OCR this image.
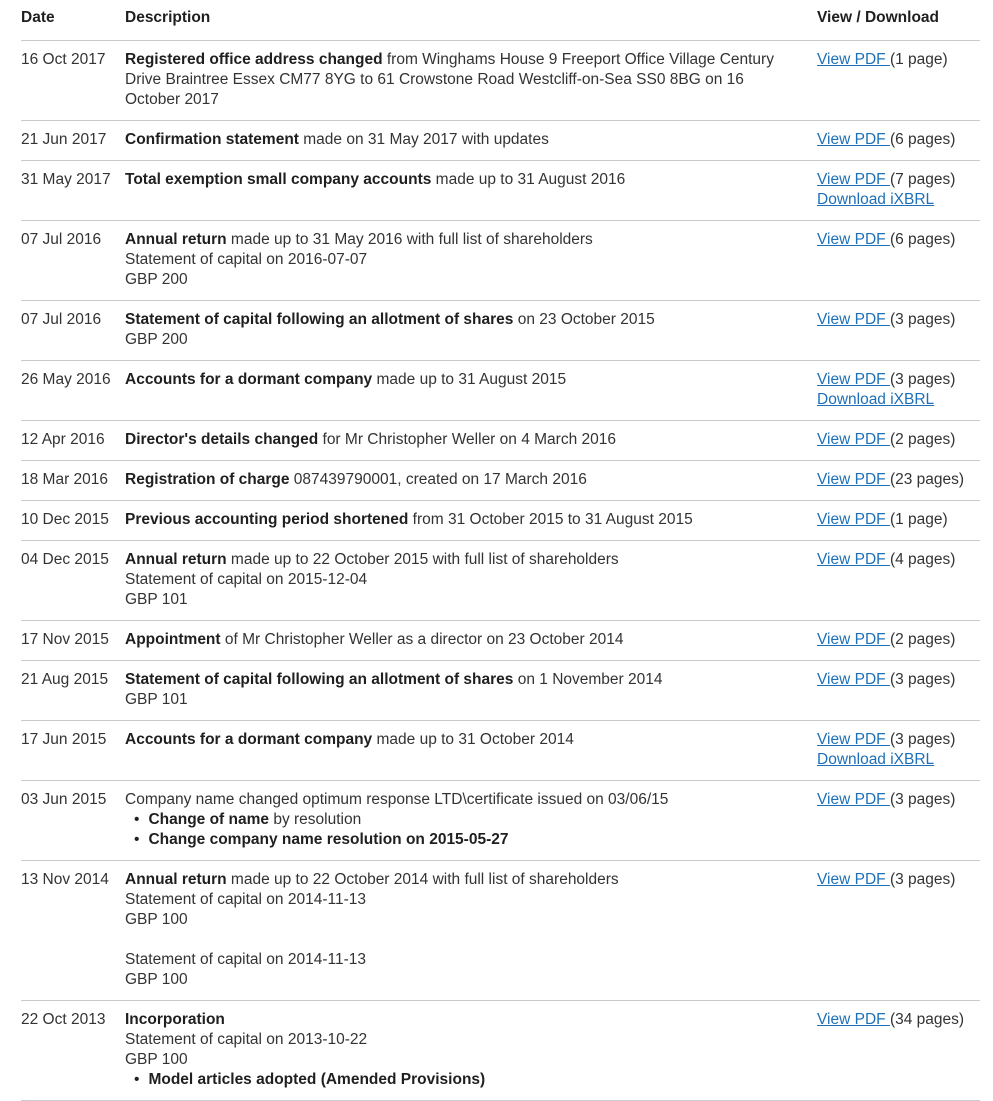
Date	Description	View / Download
16 Oct 2017	Registered office address changed from Winghams House 9 Freeport Office Village Century Drive Braintree Essex CM77 8YG to 61 Crowstone Road Westcliff-on-Sea SS0 8BG on 16 October 2017	View PDF (1 page)

21 Jun 2017	Confirmation statement made on 31 May 2017 with updates	View PDF (6 pages)

31 May 2017	Total exemption small company accounts made up to 31 August 2016	View PDF (7 pages)
Download iXBRL

07 Jul 2016	Annual return made up to 31 May 2016 with full list of shareholders
Statement of capital on 2016-07-07
GBP 200	View PDF (6 pages)

07 Jul 2016	Statement of capital following an allotment of shares on 23 October 2015
GBP 200	View PDF (3 pages)

26 May 2016	Accounts for a dormant company made up to 31 August 2015	View PDF (3 pages)
Download iXBRL

12 Apr 2016	Director's details changed for Mr Christopher Weller on 4 March 2016	View PDF (2 pages)

18 Mar 2016	Registration of charge 087439790001, created on 17 March 2016	View PDF (23 pages)

10 Dec 2015	Previous accounting period shortened from 31 October 2015 to 31 August 2015	View PDF (1 page)

04 Dec 2015	Annual return made up to 22 October 2015 with full list of shareholders
Statement of capital on 2015-12-04
GBP 101	View PDF (4 pages)

17 Nov 2015	Appointment of Mr Christopher Weller as a director on 23 October 2014	View PDF (2 pages)

21 Aug 2015	Statement of capital following an allotment of shares on 1 November 2014
GBP 101	View PDF (3 pages)

17 Jun 2015	Accounts for a dormant company made up to 31 October 2014	View PDF (3 pages)
Download iXBRL

03 Jun 2015	Company name changed optimum response LTD\certificate issued on 03/06/15
• Change of name by resolution
• Change company name resolution on 2015-05-27	View PDF (3 pages)

13 Nov 2014	Annual return made up to 22 October 2014 with full list of shareholders
Statement of capital on 2014-11-13
GBP 100

Statement of capital on 2014-11-13
GBP 100	View PDF (3 pages)

22 Oct 2013	Incorporation
Statement of capital on 2013-10-22
GBP 100
• Model articles adopted (Amended Provisions)	View PDF (34 pages)
